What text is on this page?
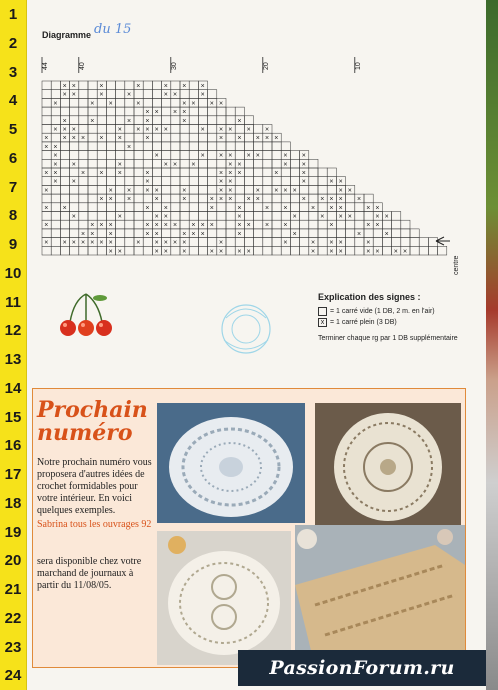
1
2
3
4
5
6
7
8
9
10
11
12
13
14
15
16
17
18
19
20
21
22
23
24
Diagramme du 15
44	40	30	20	10
× ×	×	×	× × ×
× ×	×	×	× ×	×
×	× ×	×	× × × ×
× × × ×
×	×	× ×	×	×
× × ×	× × × × ×	× × × × ×
× × × × × ×	×	× × × × ×
× ×	×
×	×	× × × × ×	× ×
× ×	×	× × ×	× ×	× ×
× ×	× × ×	×	× × ×	×	×
× ×	×	× ×	×	× ×
×	× × × ×	×	× ×	× × × ×	× ×
× × ×	×	×	× × × × ×	× × × × ×
× ×	× ×	×	×	× ×	× × ×	× ×
×	×	× ×	×	×	× × ×	× ×
×	× × ×	× × × × × × ×	× × × ×	×	× ×
× × ×	× ×	× × ×	×	×	×	×
× × × × × × ×	× × × × ×	×	×	× × ×	×
× ×	× × ×	× × × ×	× × ×	× × × ×
centre
Explication des signes :
= 1 carré vide (1 DB, 2 m. en l'air)
x = 1 carré plein (3 DB)
Terminer chaque rg par 1 DB supplémentaire
Prochain numéro
Notre prochain numéro vous proposera d'autres idées de crochet formidables pour votre intérieur. En voici quelques exemples.
Sabrina tous les ouvrages 92
sera disponible chez votre marchand de journaux à partir du 11/08/05.
PassionForum.ru
